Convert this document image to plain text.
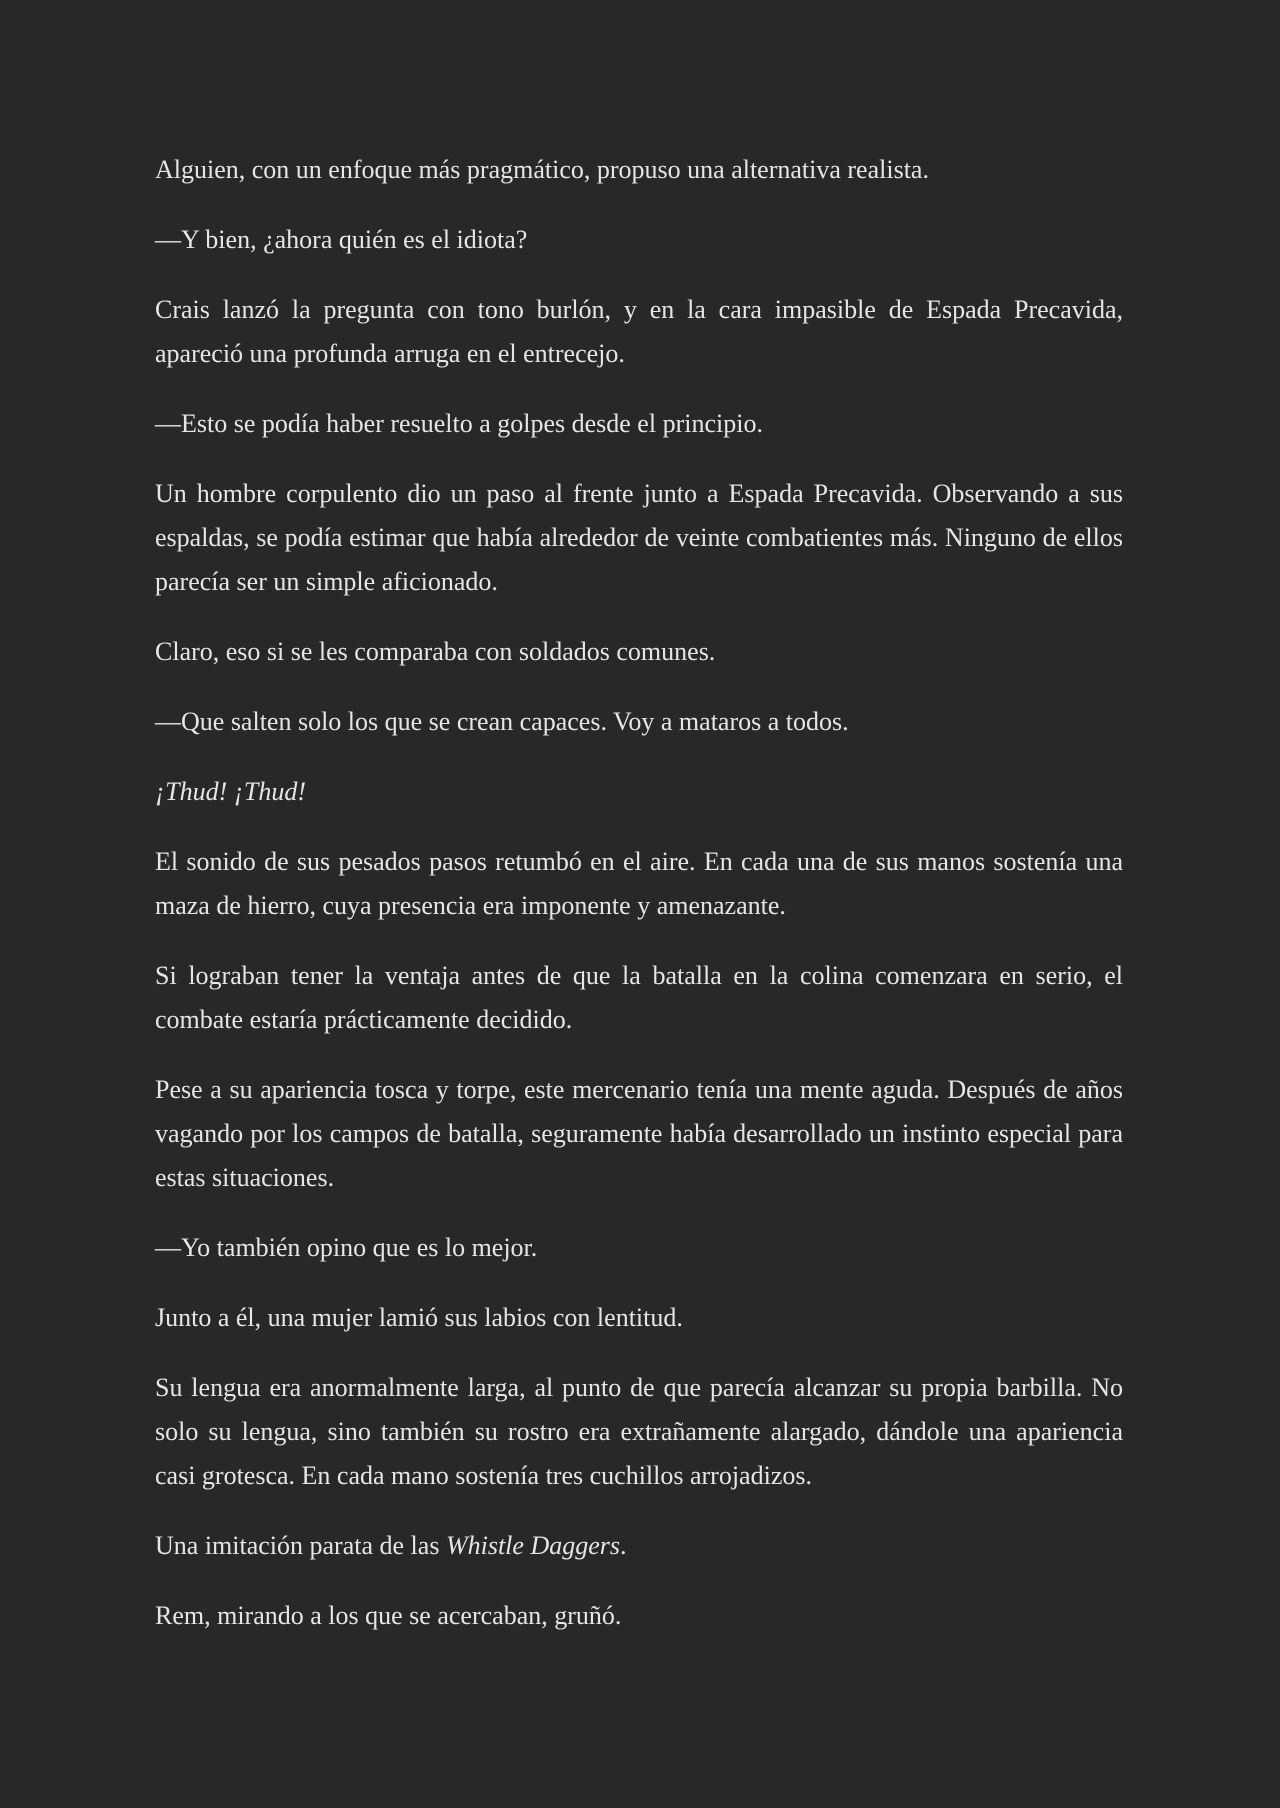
Alguien, con un enfoque más pragmático, propuso una alternativa realista.

—Y bien, ¿ahora quién es el idiota?

Crais lanzó la pregunta con tono burlón, y en la cara impasible de Espada Precavida, apareció una profunda arruga en el entrecejo.

—Esto se podía haber resuelto a golpes desde el principio.

Un hombre corpulento dio un paso al frente junto a Espada Precavida. Observando a sus espaldas, se podía estimar que había alrededor de veinte combatientes más. Ninguno de ellos parecía ser un simple aficionado.

Claro, eso si se les comparaba con soldados comunes.

—Que salten solo los que se crean capaces. Voy a mataros a todos.

¡Thud! ¡Thud!

El sonido de sus pesados pasos retumbó en el aire. En cada una de sus manos sostenía una maza de hierro, cuya presencia era imponente y amenazante.

Si lograban tener la ventaja antes de que la batalla en la colina comenzara en serio, el combate estaría prácticamente decidido.

Pese a su apariencia tosca y torpe, este mercenario tenía una mente aguda. Después de años vagando por los campos de batalla, seguramente había desarrollado un instinto especial para estas situaciones.

—Yo también opino que es lo mejor.

Junto a él, una mujer lamió sus labios con lentitud.

Su lengua era anormalmente larga, al punto de que parecía alcanzar su propia barbilla. No solo su lengua, sino también su rostro era extrañamente alargado, dándole una apariencia casi grotesca. En cada mano sostenía tres cuchillos arrojadizos.

Una imitación parata de las Whistle Daggers.

Rem, mirando a los que se acercaban, gruñó.
